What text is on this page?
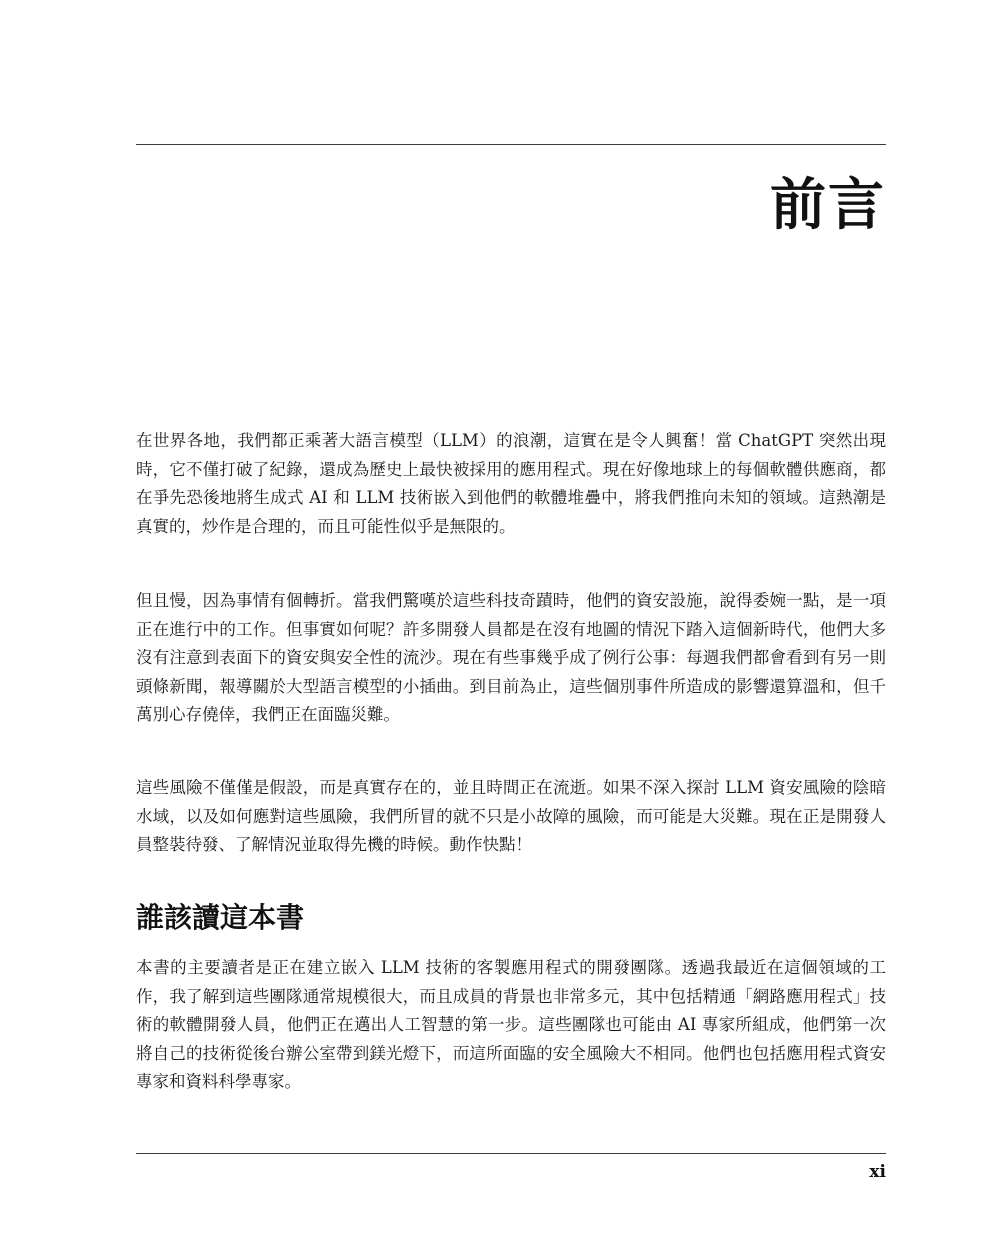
前言

在世界各地，我們都正乘著大語言模型（LLM）的浪潮，這實在是令人興奮！當 ChatGPT 突然出現時，它不僅打破了紀錄，還成為歷史上最快被採用的應用程式。現在好像地球上的每個軟體供應商，都在爭先恐後地將生成式 AI 和 LLM 技術嵌入到他們的軟體堆疊中，將我們推向未知的領域。這熱潮是真實的，炒作是合理的，而且可能性似乎是無限的。

但且慢，因為事情有個轉折。當我們驚嘆於這些科技奇蹟時，他們的資安設施，說得委婉一點，是一項正在進行中的工作。但事實如何呢？許多開發人員都是在沒有地圖的情況下踏入這個新時代，他們大多沒有注意到表面下的資安與安全性的流沙。現在有些事幾乎成了例行公事：每週我們都會看到有另一則頭條新聞，報導關於大型語言模型的小插曲。到目前為止，這些個別事件所造成的影響還算溫和，但千萬別心存僥倖，我們正在面臨災難。

這些風險不僅僅是假設，而是真實存在的，並且時間正在流逝。如果不深入探討 LLM 資安風險的陰暗水域，以及如何應對這些風險，我們所冒的就不只是小故障的風險，而可能是大災難。現在正是開發人員整裝待發、了解情況並取得先機的時候。動作快點！

誰該讀這本書

本書的主要讀者是正在建立嵌入 LLM 技術的客製應用程式的開發團隊。透過我最近在這個領域的工作，我了解到這些團隊通常規模很大，而且成員的背景也非常多元，其中包括精通「網路應用程式」技術的軟體開發人員，他們正在邁出人工智慧的第一步。這些團隊也可能由 AI 專家所組成，他們第一次將自己的技術從後台辦公室帶到鎂光燈下，而這所面臨的安全風險大不相同。他們也包括應用程式資安專家和資料科學專家。

xi
